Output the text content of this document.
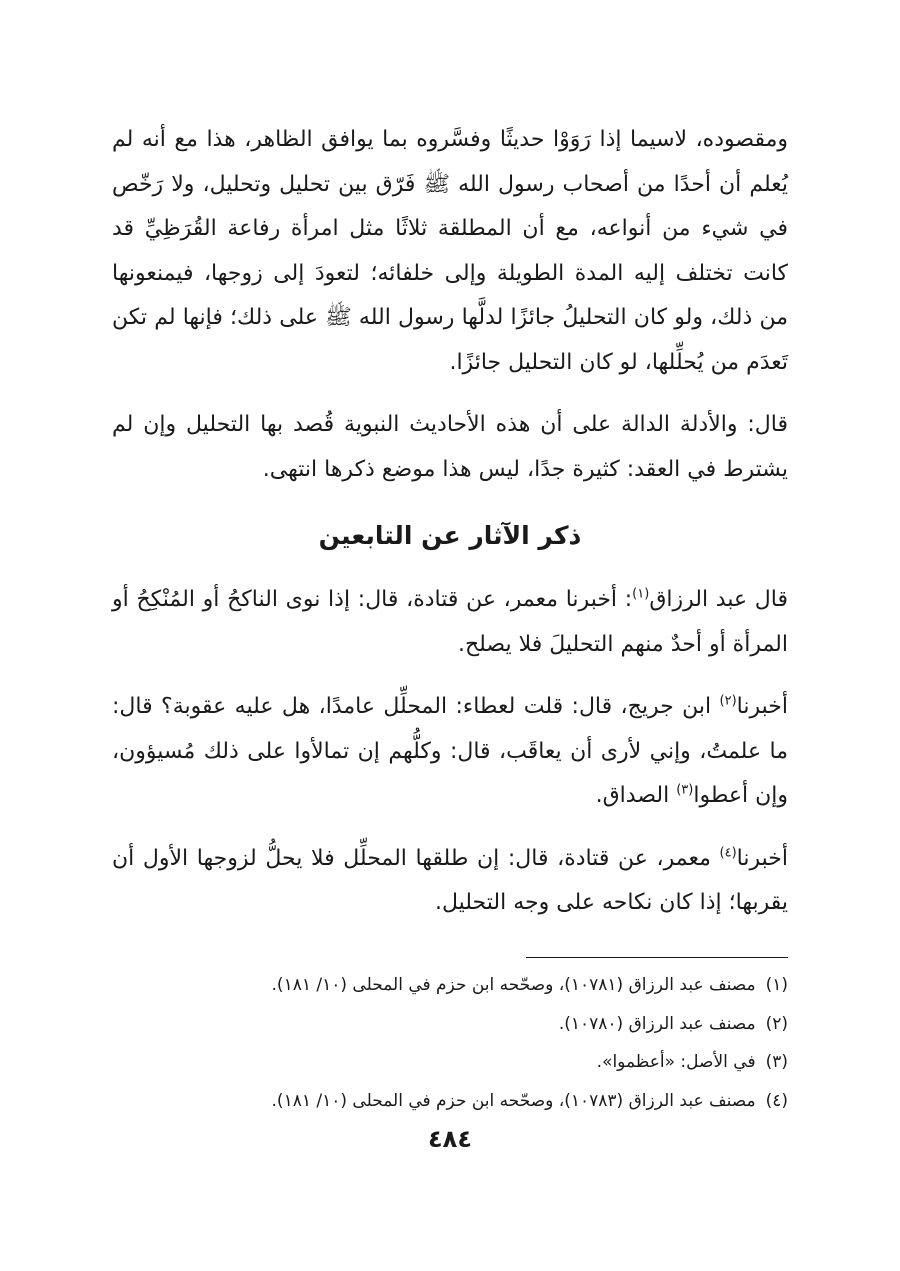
ومقصوده، لاسيما إذا رَوَوْا حديثًا وفسَّروه بما يوافق الظاهر، هذا مع أنه لم يُعلم أن أحدًا من أصحاب رسول الله ﷺ فَرّق بين تحليل وتحليل، ولا رَخّص في شيء من أنواعه، مع أن المطلقة ثلاثًا مثل امرأة رفاعة القُرَظِيِّ قد كانت تختلف إليه المدة الطويلة وإلى خلفائه؛ لتعودَ إلى زوجها، فيمنعونها من ذلك، ولو كان التحليلُ جائزًا لدلَّها رسول الله ﷺ على ذلك؛ فإنها لم تكن تَعدَم من يُحلِّلها، لو كان التحليل جائزًا.

قال: والأدلة الدالة على أن هذه الأحاديث النبوية قُصد بها التحليل وإن لم يشترط في العقد: كثيرة جدًا، ليس هذا موضع ذكرها انتهى.

ذكر الآثار عن التابعين

قال عبد الرزاق$^{(١)}$: أخبرنا معمر، عن قتادة، قال: إذا نوى الناكحُ أو المُنْكِحُ أو المرأة أو أحدٌ منهم التحليلَ فلا يصلح.

أخبرنا$^{(٢)}$ ابن جريج، قال: قلت لعطاء: المحلِّل عامدًا، هل عليه عقوبة؟ قال: ما علمتُ، وإني لأرى أن يعاقَب، قال: وكلُّهم إن تمالأوا على ذلك مُسيؤون، وإن أعطوا$^{(٣)}$ الصداق.

أخبرنا$^{(٤)}$ معمر، عن قتادة، قال: إن طلقها المحلِّل فلا يحلُّ لزوجها الأول أن يقربها؛ إذا كان نكاحه على وجه التحليل.

(١)مصنف عبد الرزاق (١٠٧٨١)، وصحّحه ابن حزم في المحلى (١٠/ ١٨١).

(٢)مصنف عبد الرزاق (١٠٧٨٠).

(٣)في الأصل: «أعظموا».

(٤)مصنف عبد الرزاق (١٠٧٨٣)، وصحّحه ابن حزم في المحلى (١٠/ ١٨١).

٤٨٤
